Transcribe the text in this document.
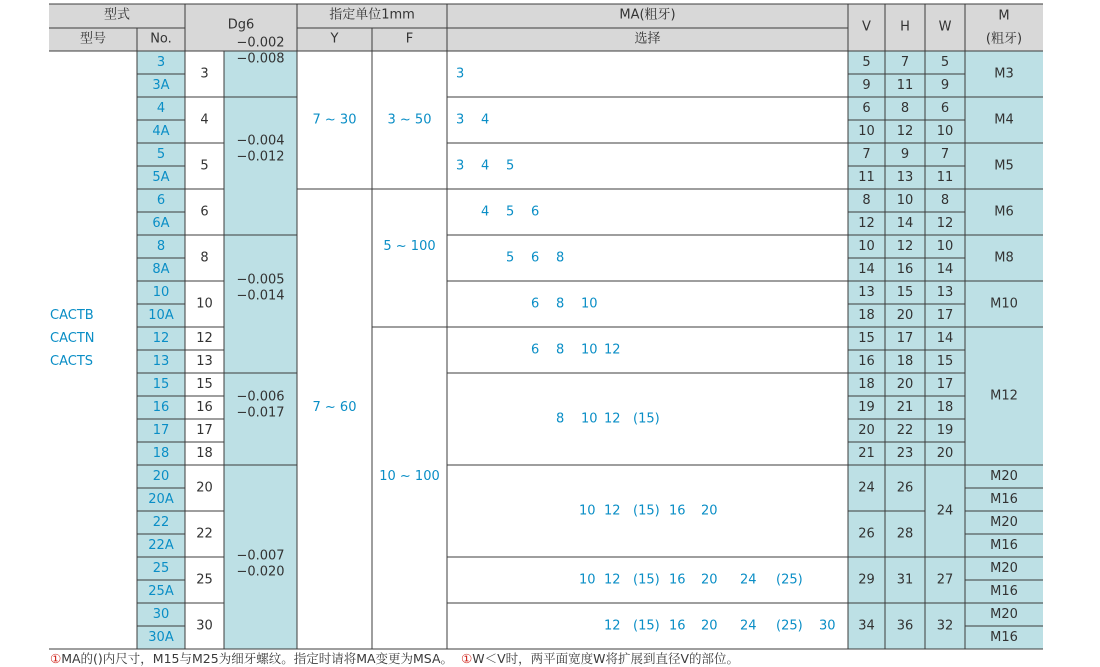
型式
型号	No.
Dg6
指定单位1mm
Y	F
MA(粗牙)
选择
V H W
M
(粗牙)
CACTB
CACTN
CACTS
3
3A
4
4A
5
5A
6
6A
8
8A
10
10A
12
13
15
16
17
18
20
20A
22
22A
25
25A
30
30A
3
4
5
6
8
10
12
13
15
16
17
18
20
22
25
30
−0.002
−0.008
−0.004
−0.012
−0.005
−0.014
−0.006
−0.017
−0.007
−0.020
7 ~ 30
7 ~ 60
3 ~ 50
5 ~ 100
10 ~ 100
3
3 4
3 4 5
4 5 6
5 6 8
6 8 10
6 8 10 12
8 10 12 (15)
10 12 (15) 16 20
10 12 (15) 16 20 24 (25)
12 (15) 16 20 24 (25) 30
5 7 5
9 11 9
6 8 6
10 12 10
7 9 7
11 13 11
8 10 8
12 14 12
10 12 10
14 16 14
13 15 13
18 20 17
15 17 14
16 18 15
18 20 17
19 21 18
20 22 19
21 23 20
24 26
26 28
29 31 27
34 36 32
24
M3
M4
M5
M6
M8
M10
M12
M20
M16
M20
M16
M20
M16
M20
M16
①MA的()内尺寸，M15与M25为细牙螺纹。指定时请将MA变更为MSA。 ①W＜V时，两平面宽度W将扩展到直径V的部位。
